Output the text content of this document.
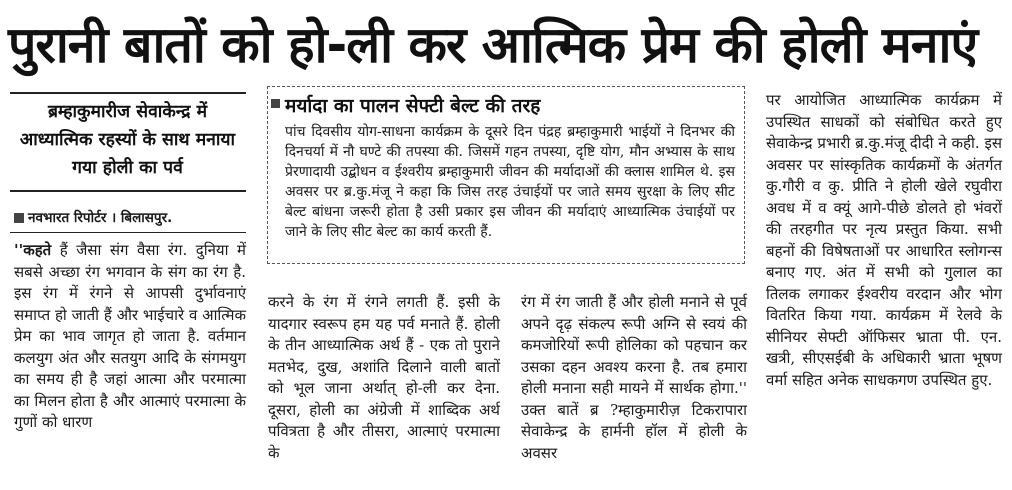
पुरानी बातों को हो-ली कर आत्मिक प्रेम की होली मनाएं
ब्रम्हाकुमारीज सेवाकेन्द्र में आध्यात्मिक रहस्यों के साथ मनाया गया होली का पर्व
नवभारत रिपोर्टर । बिलासपुर.
''कहते हैं जैसा संग वैसा रंग. दुनिया में सबसे अच्छा रंग भगवान के संग का रंग है. इस रंग में रंगने से आपसी दुर्भावनाएं समाप्त हो जाती हैं और भाईचारे व आत्मिक प्रेम का भाव जागृत हो जाता है. वर्तमान कलयुग अंत और सतयुग आदि के संगमयुग का समय ही है जहां आत्मा और परमात्मा का मिलन होता है और आत्माएं परमात्मा के गुणों को धारण
मर्यादा का पालन सेफ्टी बेल्ट की तरह
पांच दिवसीय योग-साधना कार्यक्रम के दूसरे दिन पंद्रह ब्रम्हाकुमारी भाईयों ने दिनभर की दिनचर्या में नौ घण्टे की तपस्या की. जिसमें गहन तपस्या, दृष्टि योग, मौन अभ्यास के साथ प्रेरणादायी उद्बोधन व ईश्वरीय ब्रम्हाकुमारी जीवन की मर्यादाओं की क्लास शामिल थे. इस अवसर पर ब्र.कु.मंजू ने कहा कि जिस तरह उंचाईयों पर जाते समय सुरक्षा के लिए सीट बेल्ट बांधना जरूरी होता है उसी प्रकार इस जीवन की मर्यादाएं आध्यात्मिक उंचाईयों पर जाने के लिए सीट बेल्ट का कार्य करती हैं.
करने के रंग में रंगने लगती हैं. इसी के यादगार स्वरूप हम यह पर्व मनाते हैं. होली के तीन आध्यात्मिक अर्थ हैं - एक तो पुराने मतभेद, दुख, अशांति दिलाने वाली बातों को भूल जाना अर्थात् हो-ली कर देना. दूसरा, होली का अंग्रेजी में शाब्दिक अर्थ पवित्रता है और तीसरा, आत्माएं परमात्मा के
रंग में रंग जाती हैं और होली मनाने से पूर्व अपने दृढ़ संकल्प रूपी अग्नि से स्वयं की कमजोरियों रूपी होलिका को पहचान कर उसका दहन अवश्य करना है. तब हमारा होली मनाना सही मायने में सार्थक होगा.'' उक्त बातें ब्र ?म्हाकुमारीज़ टिकरापारा सेवाकेन्द्र के हार्मनी हॉल में होली के अवसर
पर आयोजित आध्यात्मिक कार्यक्रम में उपस्थित साधकों को संबोधित करते हुए सेवाकेन्द्र प्रभारी ब्र.कु.मंजू दीदी ने कही. इस अवसर पर सांस्कृतिक कार्यक्रमों के अंतर्गत कु.गौरी व कु. प्रीति ने होली खेले रघुवीरा अवध में व क्यूं आगे-पीछे डोलते हो भंवरों की तरहगीत पर नृत्य प्रस्तुत किया. सभी बहनों की विषेषताओं पर आधारित स्लोगन्स बनाए गए. अंत में सभी को गुलाल का तिलक लगाकर ईश्वरीय वरदान और भोग वितरित किया गया. कार्यक्रम में रेलवे के सीनियर सेफ्टी ऑफिसर भ्राता पी. एन. खत्री, सीएसईबी के अधिकारी भ्राता भूषण वर्मा सहित अनेक साधकगण उपस्थित हुए.
